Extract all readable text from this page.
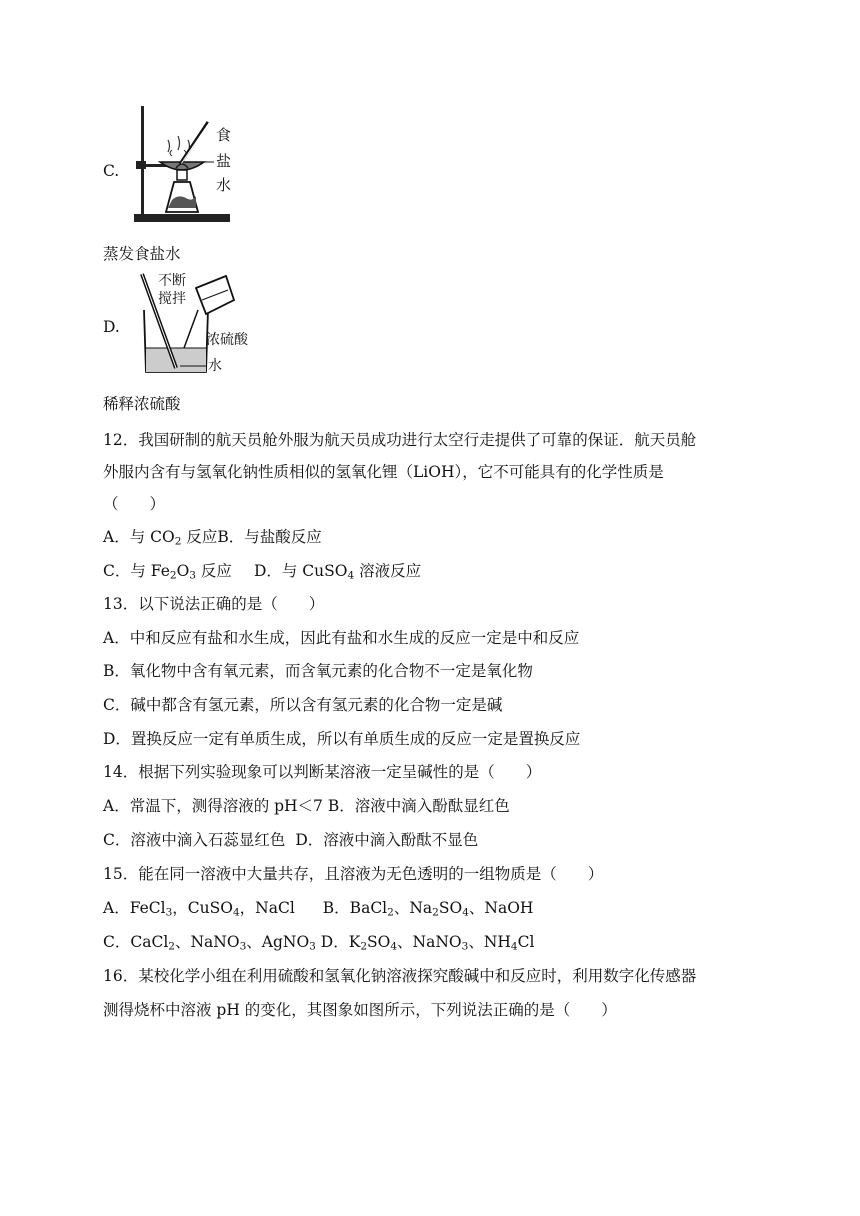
C.
食
盐
水
蒸发食盐水
D.
不断
搅拌
浓硫酸
水
稀释浓硫酸
12．我国研制的航天员舱外服为航天员成功进行太空行走提供了可靠的保证．航天员舱
外服内含有与氢氧化钠性质相似的氢氧化锂（LiOH），它不可能具有的化学性质是
（　　）
A．与 $CO_2$ 反应B．与盐酸反应
C．与 $Fe_2O_3$ 反应 D．与 CuSO$_4$ 溶液反应
13．以下说法正确的是（　　）
A．中和反应有盐和水生成，因此有盐和水生成的反应一定是中和反应
B．氧化物中含有氧元素，而含氧元素的化合物不一定是氧化物
C．碱中都含有氢元素，所以含有氢元素的化合物一定是碱
D．置换反应一定有单质生成，所以有单质生成的反应一定是置换反应
14．根据下列实验现象可以判断某溶液一定呈碱性的是（　　）
A．常温下，测得溶液的 pH＜7 B．溶液中滴入酚酞显红色
C．溶液中滴入石蕊显红色 D．溶液中滴入酚酞不显色
15．能在同一溶液中大量共存，且溶液为无色透明的一组物质是（　　）
A．FeCl$_3$，CuSO$_4$，NaCl B．BaCl$_2$、$Na_2SO_4$、NaOH
C．CaCl$_2$、NaNO$_3$、AgNO$_3$ D．$K_2SO_4$、NaNO$_3$、$NH_4Cl$
16．某校化学小组在利用硫酸和氢氧化钠溶液探究酸碱中和反应时，利用数字化传感器
测得烧杯中溶液 pH 的变化，其图象如图所示，下列说法正确的是（　　）
